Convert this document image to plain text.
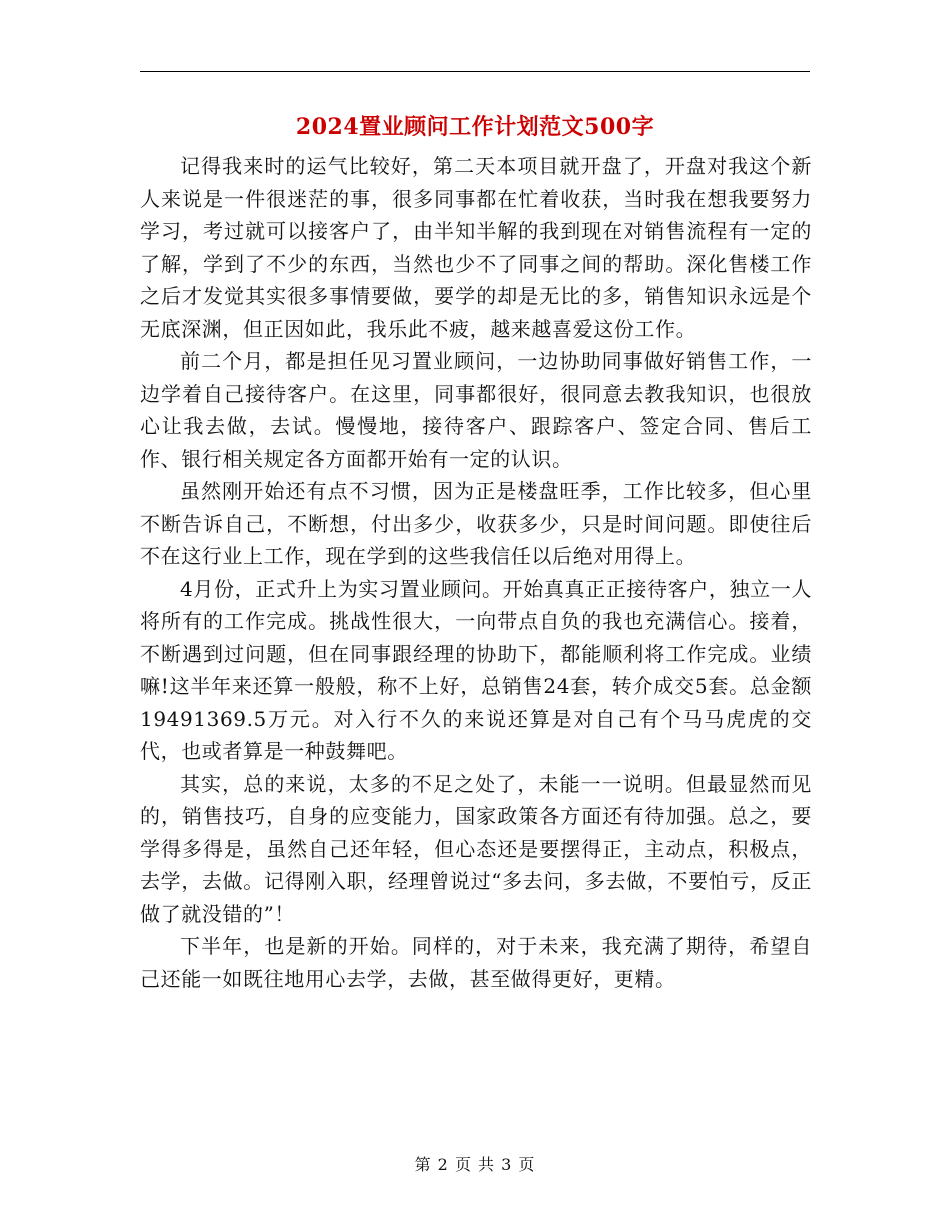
2024置业顾问工作计划范文500字

记得我来时的运气比较好，第二天本项目就开盘了，开盘对我这个新人来说是一件很迷茫的事，很多同事都在忙着收获，当时我在想我要努力学习，考过就可以接客户了，由半知半解的我到现在对销售流程有一定的了解，学到了不少的东西，当然也少不了同事之间的帮助。深化售楼工作之后才发觉其实很多事情要做，要学的却是无比的多，销售知识永远是个无底深渊，但正因如此，我乐此不疲，越来越喜爱这份工作。

前二个月，都是担任见习置业顾问，一边协助同事做好销售工作，一边学着自己接待客户。在这里，同事都很好，很同意去教我知识，也很放心让我去做，去试。慢慢地，接待客户、跟踪客户、签定合同、售后工作、银行相关规定各方面都开始有一定的认识。

虽然刚开始还有点不习惯，因为正是楼盘旺季，工作比较多，但心里不断告诉自己，不断想，付出多少，收获多少，只是时间问题。即使往后不在这行业上工作，现在学到的这些我信任以后绝对用得上。

4月份，正式升上为实习置业顾问。开始真真正正接待客户，独立一人将所有的工作完成。挑战性很大，一向带点自负的我也充满信心。接着，不断遇到过问题，但在同事跟经理的协助下，都能顺利将工作完成。业绩嘛!这半年来还算一般般，称不上好，总销售24套，转介成交5套。总金额19491369.5万元。对入行不久的来说还算是对自己有个马马虎虎的交代，也或者算是一种鼓舞吧。

其实，总的来说，太多的不足之处了，未能一一说明。但最显然而见的，销售技巧，自身的应变能力，国家政策各方面还有待加强。总之，要学得多得是，虽然自己还年轻，但心态还是要摆得正，主动点，积极点，去学，去做。记得刚入职，经理曾说过“多去问，多去做，不要怕亏，反正做了就没错的”！

下半年，也是新的开始。同样的，对于未来，我充满了期待，希望自己还能一如既往地用心去学，去做，甚至做得更好，更精。

第 2 页 共 3 页
